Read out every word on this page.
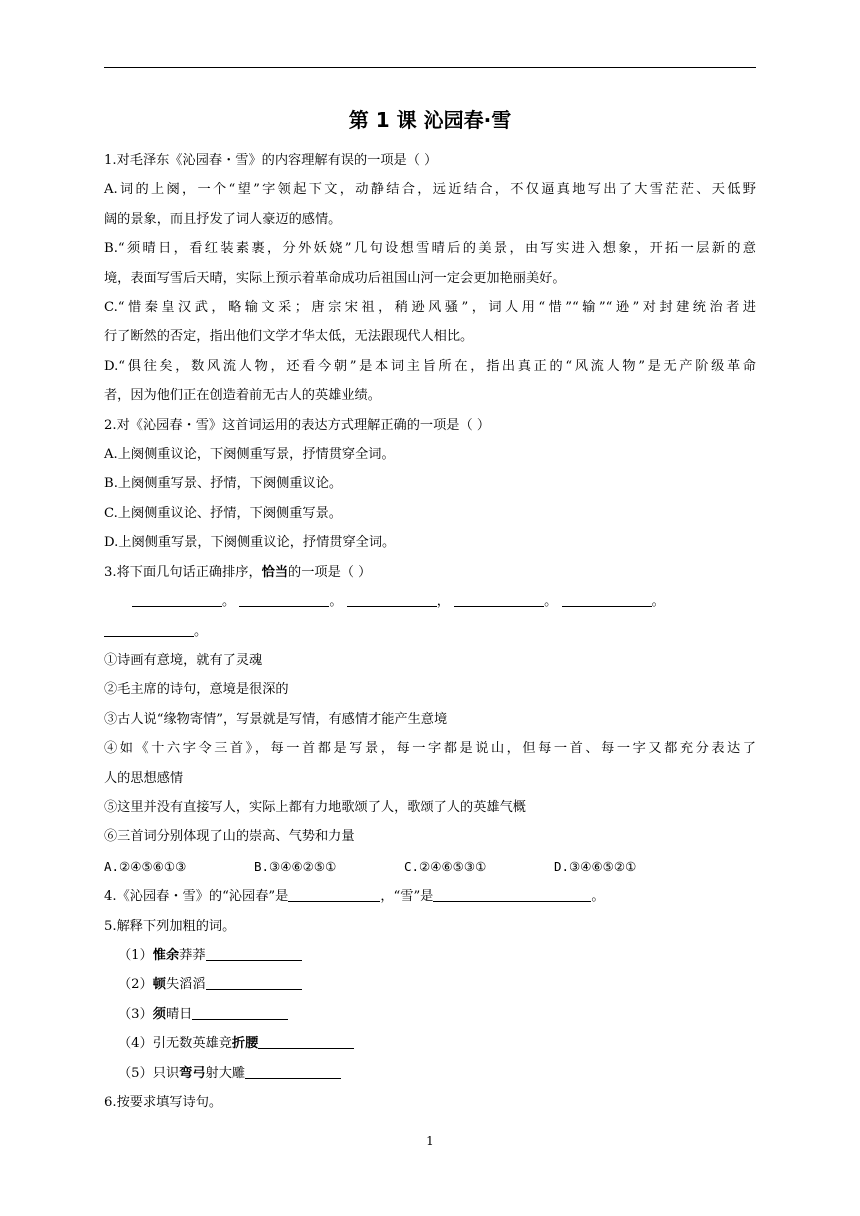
第 1 课 沁园春·雪

1.对毛泽东《沁园春・雪》的内容理解有误的一项是（ ）

A.词的上阕，一个“望”字领起下文，动静结合，远近结合，不仅逼真地写出了大雪茫茫、天低野

阔的景象，而且抒发了词人豪迈的感情。

B.“须晴日，看红装素裹，分外妖娆”几句设想雪晴后的美景，由写实进入想象，开拓一层新的意

境，表面写雪后天晴，实际上预示着革命成功后祖国山河一定会更加艳丽美好。

C.“惜秦皇汉武，略输文采；唐宗宋祖，稍逊风骚”，词人用“惜”“输”“逊”对封建统治者进

行了断然的否定，指出他们文学才华太低，无法跟现代人相比。

D.“俱往矣，数风流人物，还看今朝”是本词主旨所在，指出真正的“风流人物”是无产阶级革命

者，因为他们正在创造着前无古人的英雄业绩。

2.对《沁园春・雪》这首词运用的表达方式理解正确的一项是（ ）

A.上阕侧重议论，下阕侧重写景，抒情贯穿全词。

B.上阕侧重写景、抒情，下阕侧重议论。

C.上阕侧重议论、抒情，下阕侧重写景。

D.上阕侧重写景，下阕侧重议论，抒情贯穿全词。

3.将下面几句话正确排序，恰当的一项是（ ）

。	。	，	。	。

。

①诗画有意境，就有了灵魂

②毛主席的诗句，意境是很深的

③古人说“缘物寄情”，写景就是写情，有感情才能产生意境

④如《十六字令三首》，每一首都是写景，每一字都是说山，但每一首、每一字又都充分表达了

人的思想感情

⑤这里并没有直接写人，实际上都有力地歌颂了人，歌颂了人的英雄气概

⑥三首词分别体现了山的崇高、气势和力量

A.②④⑤⑥①③	B.③④⑥②⑤①	C.②④⑥⑤③①	D.③④⑥⑤②①

4.《沁园春・雪》的“沁园春”是	，“雪”是	。

5.解释下列加粗的词。

（1）惟余莽莽

（2）顿失滔滔

（3）须晴日

（4）引无数英雄竞折腰

（5）只识弯弓射大雕

6.按要求填写诗句。

1
